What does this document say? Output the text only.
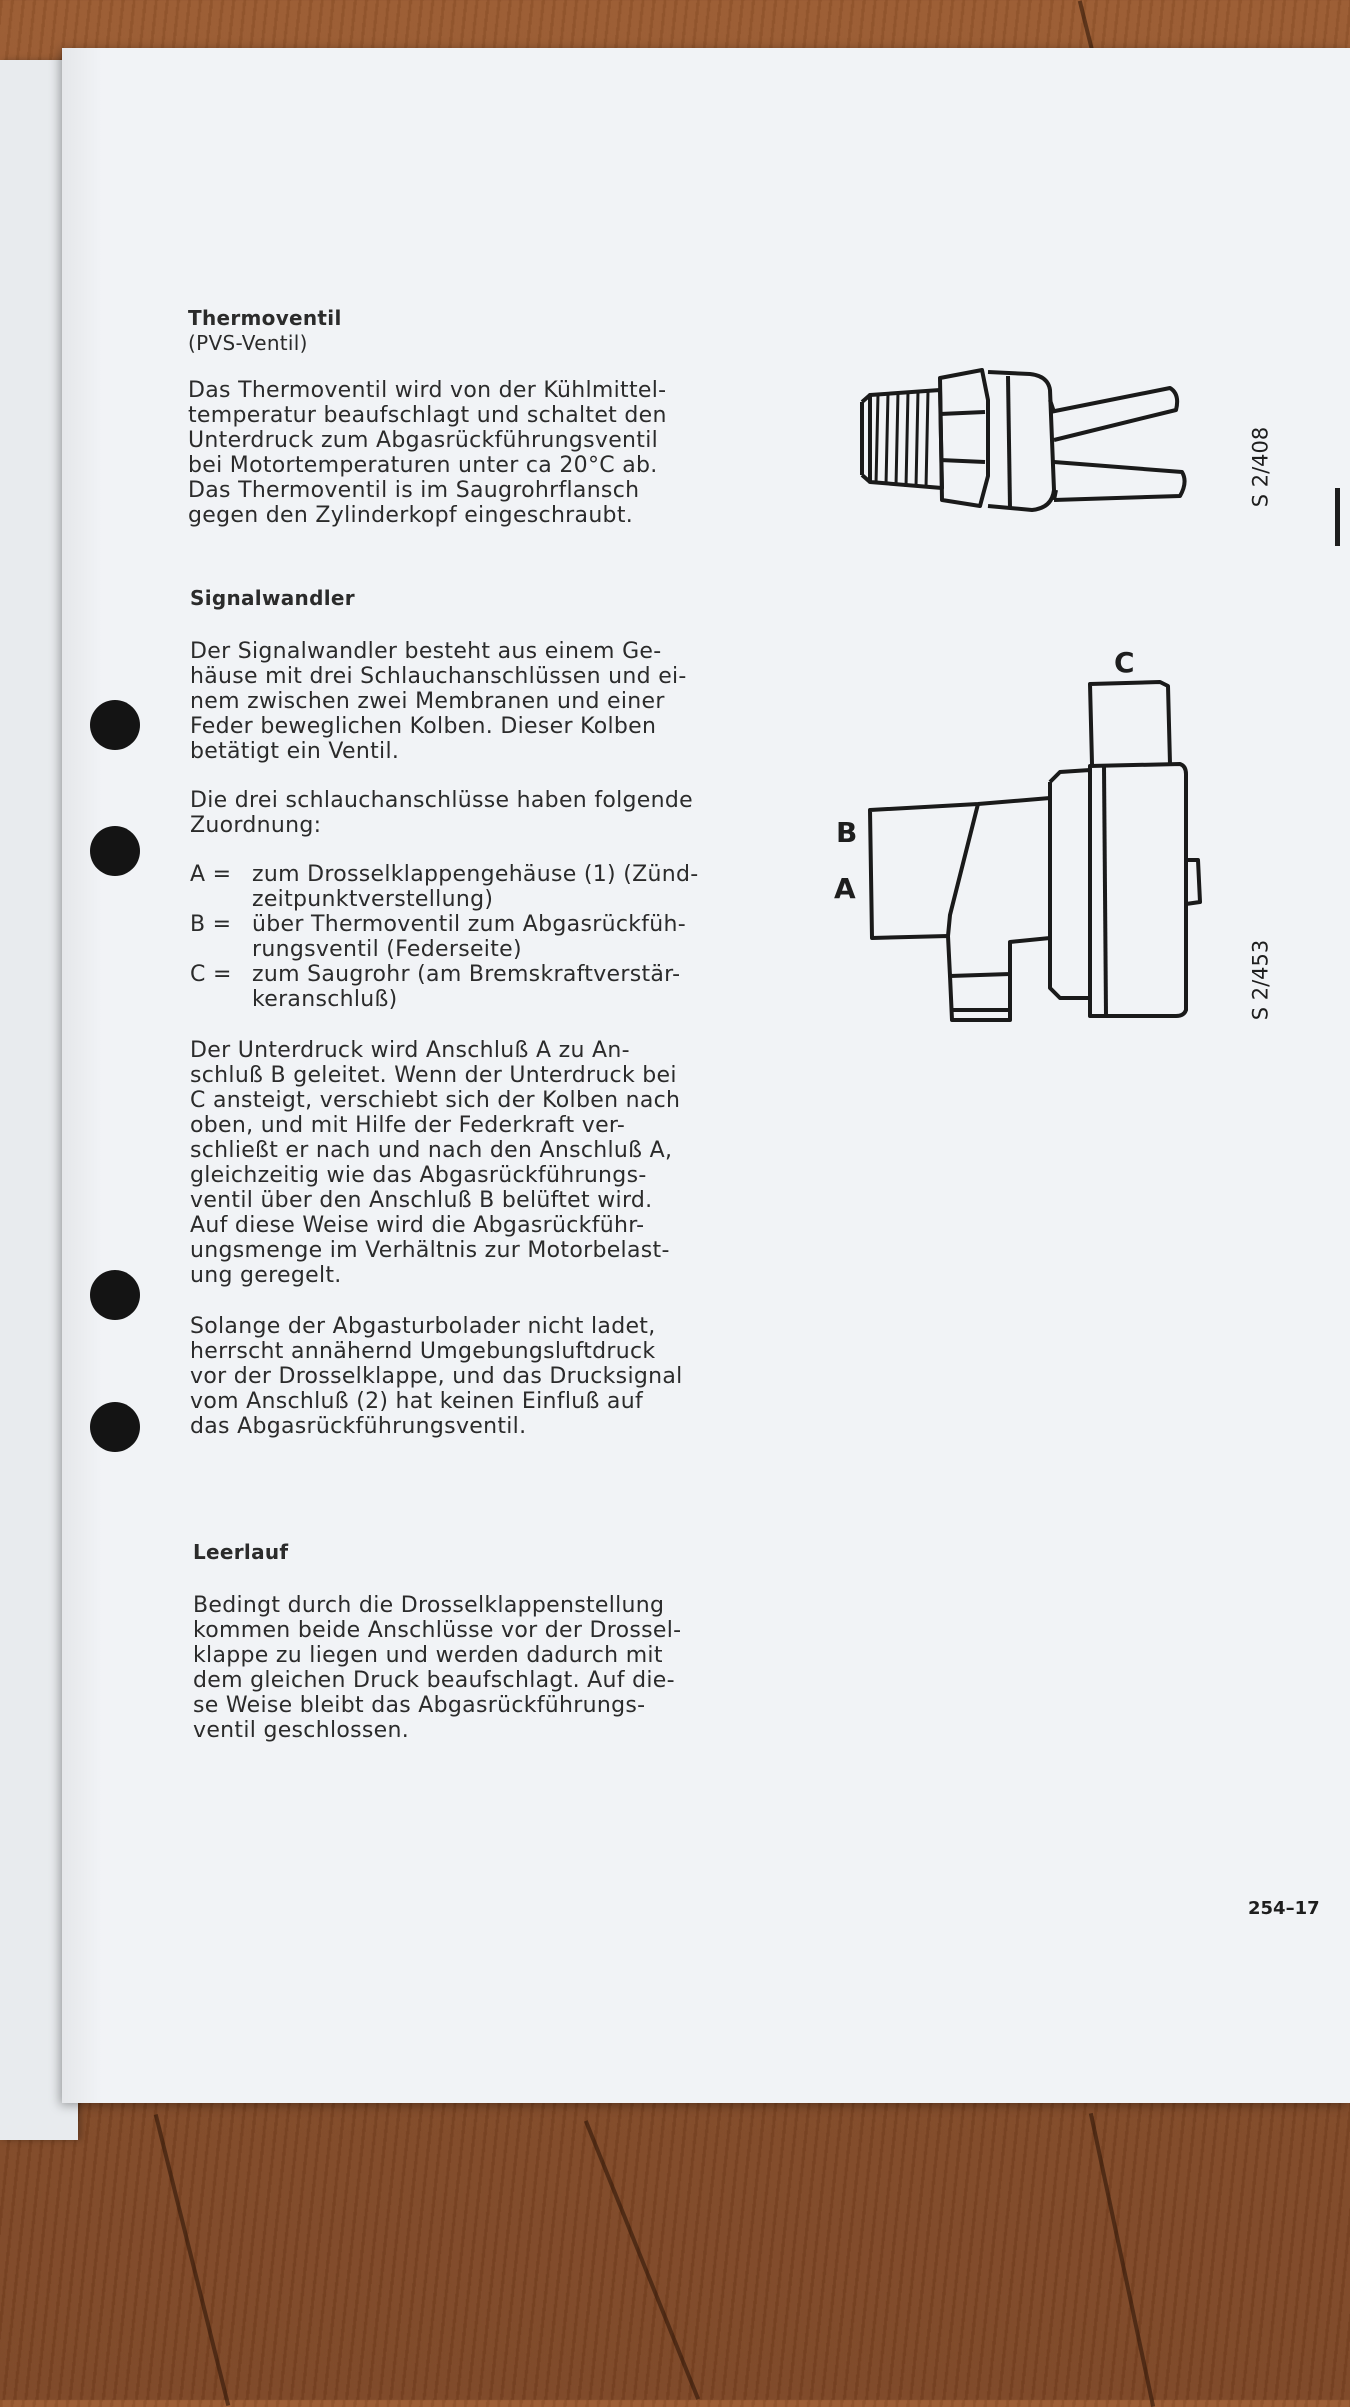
Thermoventil
(PVS-Ventil)

Das Thermoventil wird von der Kühlmittel-
temperatur beaufschlagt und schaltet den
Unterdruck zum Abgasrückführungsventil
bei Motortemperaturen unter ca 20°C ab.
Das Thermoventil is im Saugrohrflansch
gegen den Zylinderkopf eingeschraubt.

Signalwandler

Der Signalwandler besteht aus einem Ge-
häuse mit drei Schlauchanschlüssen und ei-
nem zwischen zwei Membranen und einer
Feder beweglichen Kolben. Dieser Kolben
betätigt ein Ventil.

Die drei schlauchanschlüsse haben folgende
Zuordnung:

A = zum Drosselklappengehäuse (1) (Zünd-
zeitpunktverstellung)
B = über Thermoventil zum Abgasrückfüh-
rungsventil (Federseite)
C = zum Saugrohr (am Bremskraftverstär-
keranschluß)

Der Unterdruck wird Anschluß A zu An-
schluß B geleitet. Wenn der Unterdruck bei
C ansteigt, verschiebt sich der Kolben nach
oben, und mit Hilfe der Federkraft ver-
schließt er nach und nach den Anschluß A,
gleichzeitig wie das Abgasrückführungs-
ventil über den Anschluß B belüftet wird.
Auf diese Weise wird die Abgasrückführ-
ungsmenge im Verhältnis zur Motorbelast-
ung geregelt.

Solange der Abgasturbolader nicht ladet,
herrscht annähernd Umgebungsluftdruck
vor der Drosselklappe, und das Drucksignal
vom Anschluß (2) hat keinen Einfluß auf
das Abgasrückführungsventil.

Leerlauf

Bedingt durch die Drosselklappenstellung
kommen beide Anschlüsse vor der Drossel-
klappe zu liegen und werden dadurch mit
dem gleichen Druck beaufschlagt. Auf die-
se Weise bleibt das Abgasrückführungs-
ventil geschlossen.

S 2/408
C
B
A
S 2/453
254–17
